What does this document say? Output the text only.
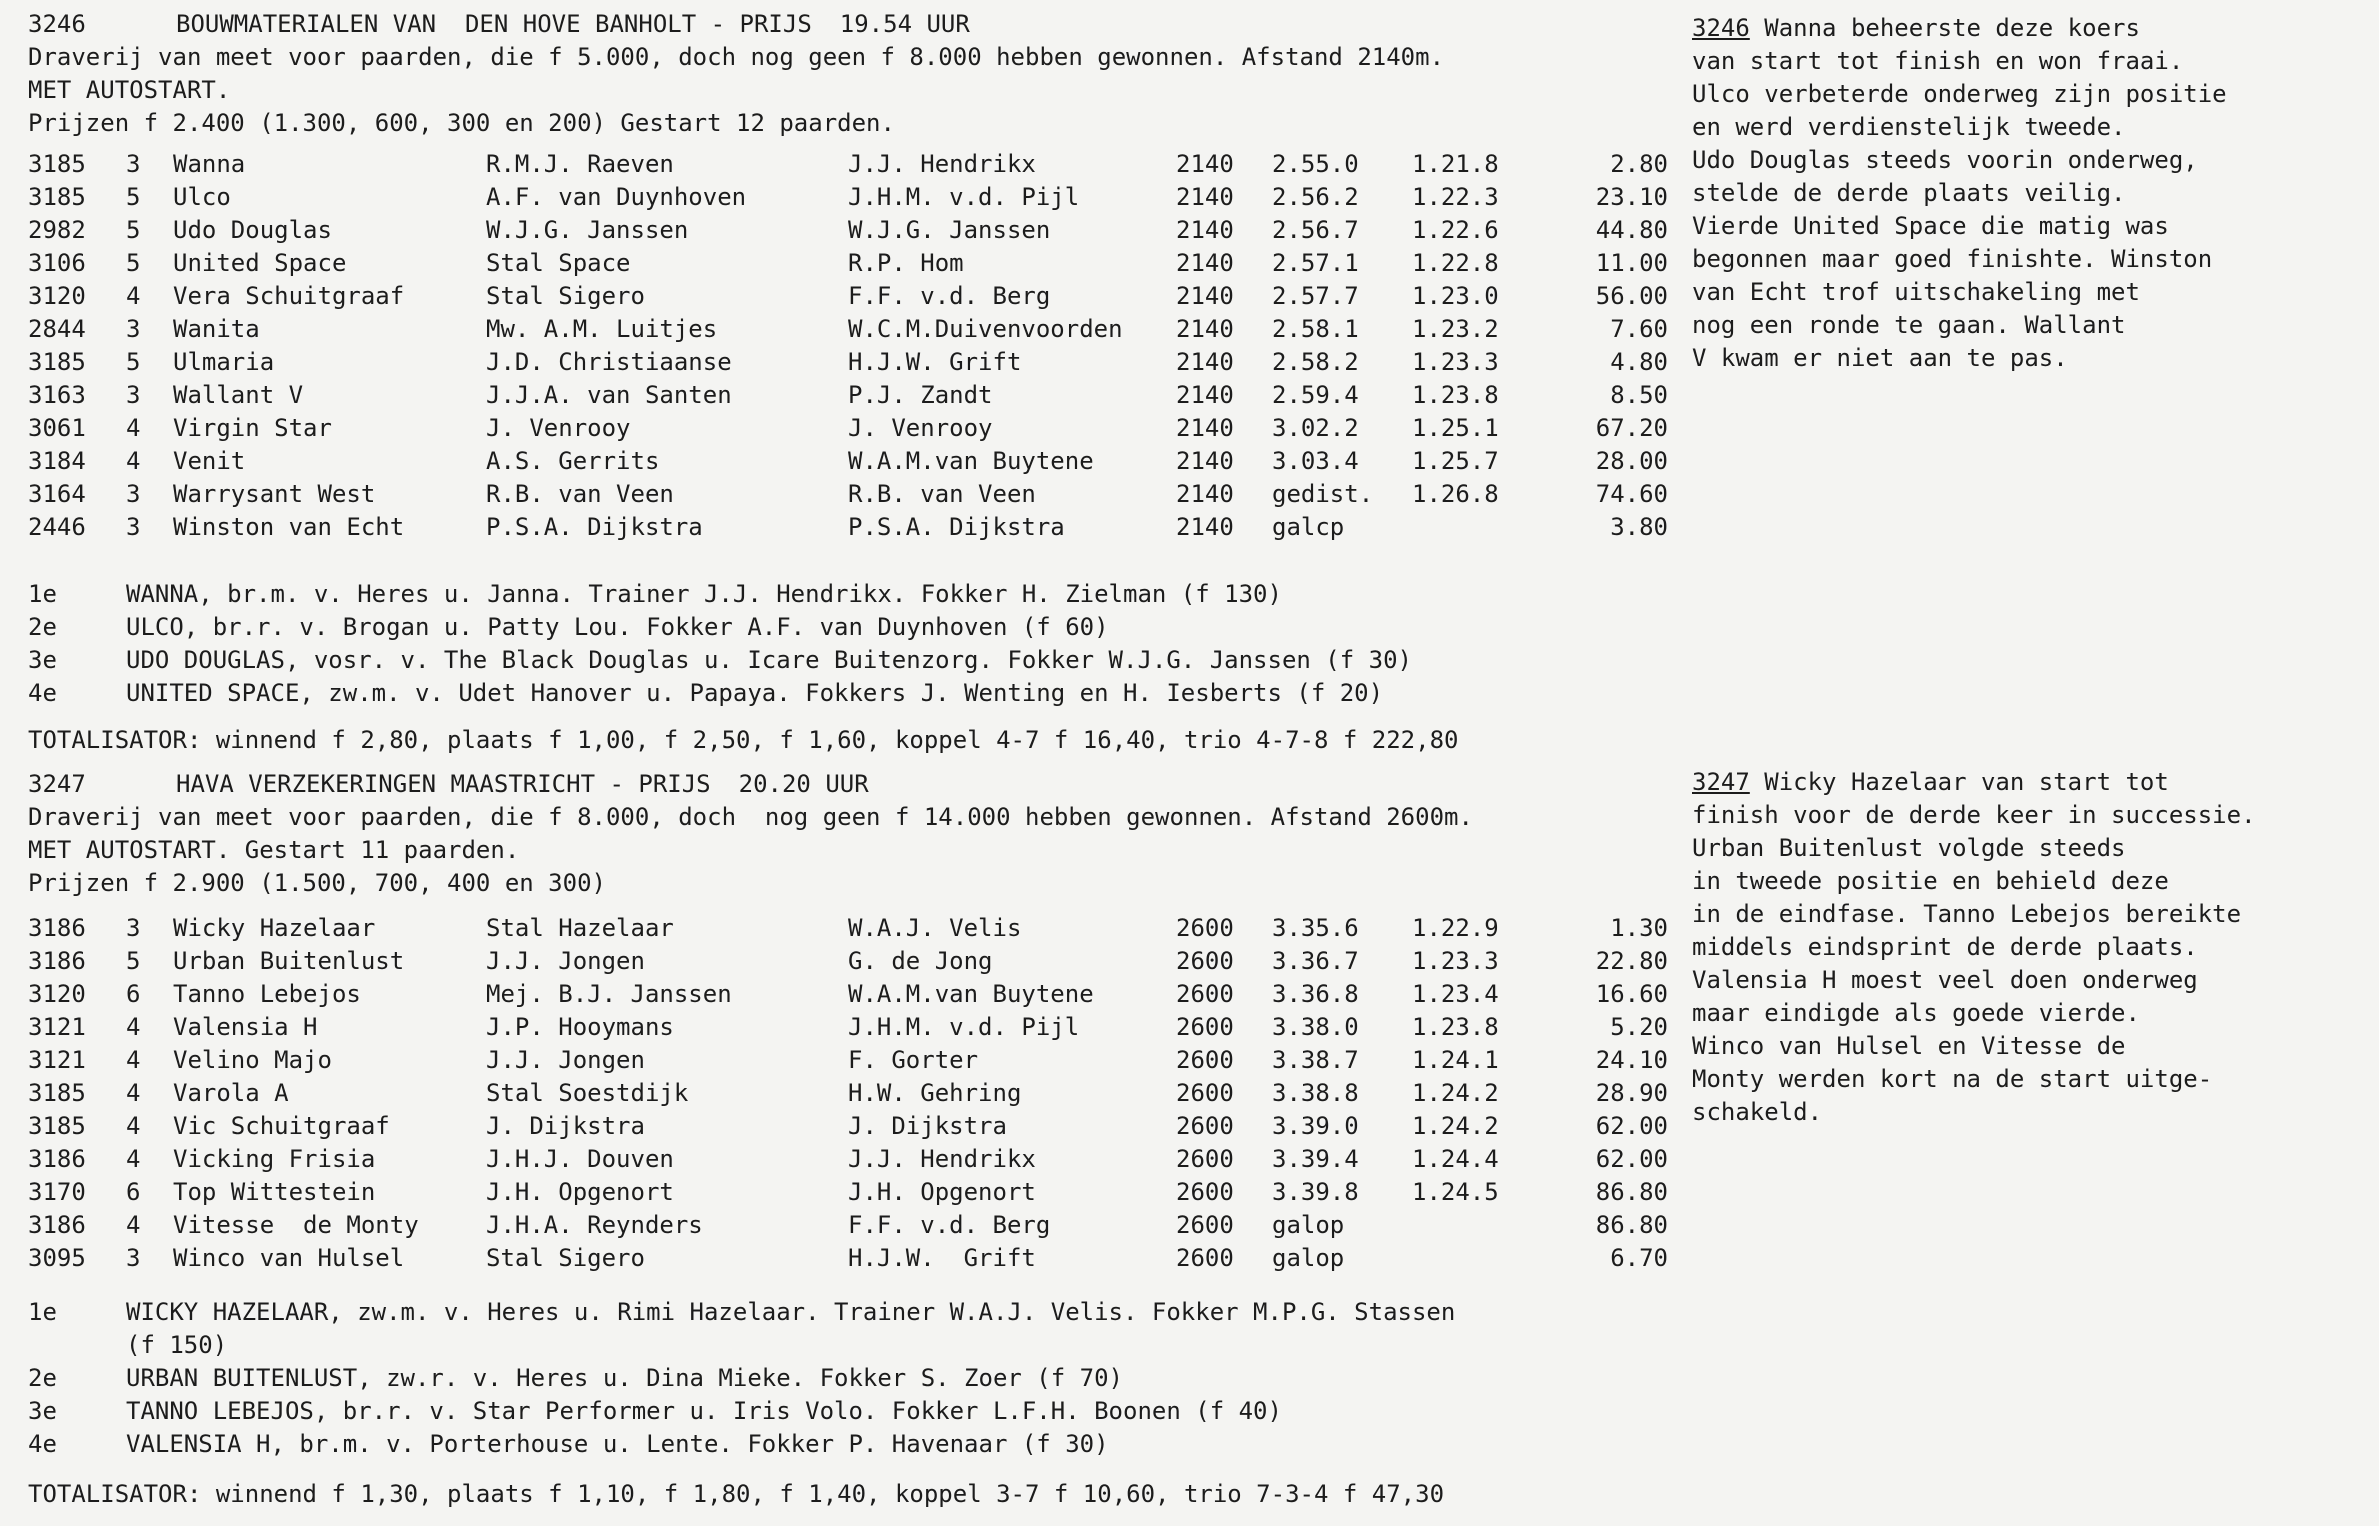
3246	BOUWMATERIALEN VAN  DEN HOVE BANHOLT - PRIJS 19.54 UUR
Draverij van meet voor paarden, die f 5.000, doch nog geen f 8.000 hebben gewonnen. Afstand 2140m.
MET AUTOSTART.
Prijzen f 2.400 (1.300, 600, 300 en 200) Gestart 12 paarden.
3185 3 Wanna	R.M.J. Raeven	J.J. Hendrikx	2140 2.55.0 1.21.8	2.80
3185 5 Ulco	A.F. van Duynhoven	J.H.M. v.d. Pijl	2140 2.56.2 1.22.3	23.10
2982 5 Udo Douglas	W.J.G. Janssen	W.J.G. Janssen	2140 2.56.7 1.22.6	44.80
3106 5 United Space	Stal Space	R.P. Hom	2140 2.57.1 1.22.8	11.00
3120 4 Vera Schuitgraaf	Stal Sigero	F.F. v.d. Berg	2140 2.57.7 1.23.0	56.00
2844 3 Wanita	Mw. A.M. Luitjes	W.C.M.Duivenvoorden 2140 2.58.1 1.23.2	7.60
3185 5 Ulmaria	J.D. Christiaanse	H.J.W. Grift	2140 2.58.2 1.23.3	4.80
3163 3 Wallant V	J.J.A. van Santen	P.J. Zandt	2140 2.59.4 1.23.8	8.50
3061 4 Virgin Star	J. Venrooy	J. Venrooy	2140 3.02.2 1.25.1	67.20
3184 4 Venit	A.S. Gerrits	W.A.M.van Buytene	2140 3.03.4 1.25.7	28.00
3164 3 Warrysant West	R.B. van Veen	R.B. van Veen	2140 gedist. 1.26.8	74.60
2446 3 Winston van Echt	P.S.A. Dijkstra	P.S.A. Dijkstra	2140 galcp	3.80
1e	WANNA, br.m. v. Heres u. Janna. Trainer J.J. Hendrikx. Fokker H. Zielman (f 130)
2e	ULCO, br.r. v. Brogan u. Patty Lou. Fokker A.F. van Duynhoven (f 60)
3e	UDO DOUGLAS, vosr. v. The Black Douglas u. Icare Buitenzorg. Fokker W.J.G. Janssen (f 30)
4e	UNITED SPACE, zw.m. v. Udet Hanover u. Papaya. Fokkers J. Wenting en H. Iesberts (f 20)
TOTALISATOR: winnend f 2,80, plaats f 1,00, f 2,50, f 1,60, koppel 4-7 f 16,40, trio 4-7-8 f 222,80
3246 Wanna beheerste deze koers
van start tot finish en won fraai.
Ulco verbeterde onderweg zijn positie
en werd verdienstelijk tweede.
Udo Douglas steeds voorin onderweg,
stelde de derde plaats veilig.
Vierde United Space die matig was
begonnen maar goed finishte. Winston
van Echt trof uitschakeling met
nog een ronde te gaan. Wallant
V kwam er niet aan te pas.
3247	HAVA VERZEKERINGEN MAASTRICHT - PRIJS 20.20 UUR
Draverij van meet voor paarden, die f 8.000, doch  nog geen f 14.000 hebben gewonnen. Afstand 2600m.
MET AUTOSTART. Gestart 11 paarden.
Prijzen f 2.900 (1.500, 700, 400 en 300)
3186 3 Wicky Hazelaar	Stal Hazelaar	W.A.J. Velis	2600 3.35.6 1.22.9	1.30
3186 5 Urban Buitenlust	J.J. Jongen	G. de Jong	2600 3.36.7 1.23.3	22.80
3120 6 Tanno Lebejos	Mej. B.J. Janssen	W.A.M.van Buytene	2600 3.36.8 1.23.4	16.60
3121 4 Valensia H	J.P. Hooymans	J.H.M. v.d. Pijl	2600 3.38.0 1.23.8	5.20
3121 4 Velino Majo	J.J. Jongen	F. Gorter	2600 3.38.7 1.24.1	24.10
3185 4 Varola A	Stal Soestdijk	H.W. Gehring	2600 3.38.8 1.24.2	28.90
3185 4 Vic Schuitgraaf	J. Dijkstra	J. Dijkstra	2600 3.39.0 1.24.2	62.00
3186 4 Vicking Frisia	J.H.J. Douven	J.J. Hendrikx	2600 3.39.4 1.24.4	62.00
3170 6 Top Wittestein	J.H. Opgenort	J.H. Opgenort	2600 3.39.8 1.24.5	86.80
3186 4 Vitesse  de Monty	J.H.A. Reynders	F.F. v.d. Berg	2600 galop	86.80
3095 3 Winco van Hulsel	Stal Sigero	H.J.W.  Grift	2600 galop	6.70
1e	WICKY HAZELAAR, zw.m. v. Heres u. Rimi Hazelaar. Trainer W.A.J. Velis. Fokker M.P.G. Stassen
(f 150)
2e	URBAN BUITENLUST, zw.r. v. Heres u. Dina Mieke. Fokker S. Zoer (f 70)
3e	TANNO LEBEJOS, br.r. v. Star Performer u. Iris Volo. Fokker L.F.H. Boonen (f 40)
4e	VALENSIA H, br.m. v. Porterhouse u. Lente. Fokker P. Havenaar (f 30)
TOTALISATOR: winnend f 1,30, plaats f 1,10, f 1,80, f 1,40, koppel 3-7 f 10,60, trio 7-3-4 f 47,30
3247 Wicky Hazelaar van start tot
finish voor de derde keer in successie.
Urban Buitenlust volgde steeds
in tweede positie en behield deze
in de eindfase. Tanno Lebejos bereikte
middels eindsprint de derde plaats.
Valensia H moest veel doen onderweg
maar eindigde als goede vierde.
Winco van Hulsel en Vitesse de
Monty werden kort na de start uitge-
schakeld.
